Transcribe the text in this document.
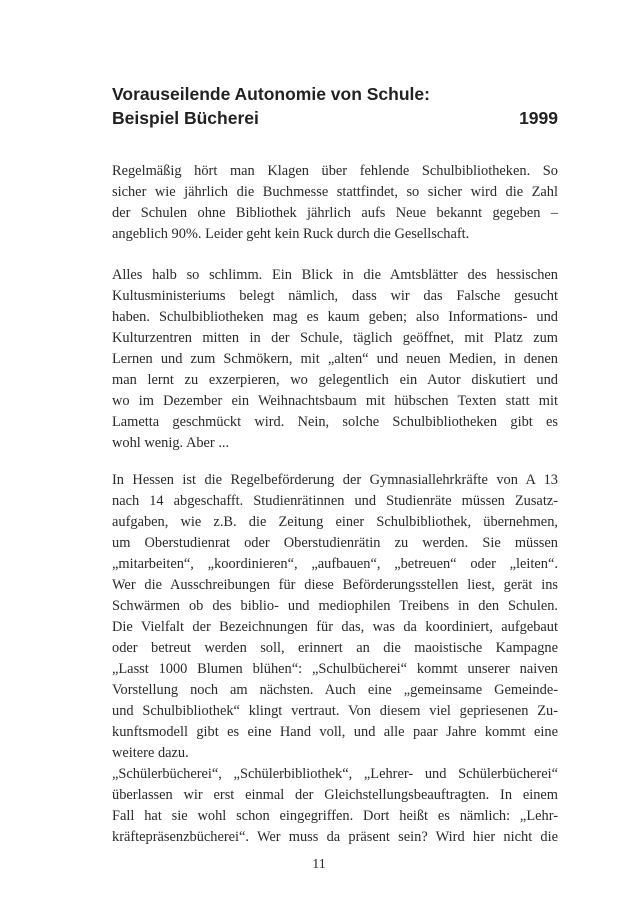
Vorauseilende Autonomie von Schule:
Beispiel Bücherei	1999
Regelmäßig hört man Klagen über fehlende Schulbibliotheken. So
sicher wie jährlich die Buchmesse stattfindet, so sicher wird die Zahl
der Schulen ohne Bibliothek jährlich aufs Neue bekannt gegeben –
angeblich 90%. Leider geht kein Ruck durch die Gesellschaft.
Alles halb so schlimm. Ein Blick in die Amtsblätter des hessischen
Kultusministeriums belegt nämlich, dass wir das Falsche gesucht
haben. Schulbibliotheken mag es kaum geben; also Informations- und
Kulturzentren mitten in der Schule, täglich geöffnet, mit Platz zum
Lernen und zum Schmökern, mit „alten“ und neuen Medien, in denen
man lernt zu exzerpieren, wo gelegentlich ein Autor diskutiert und
wo im Dezember ein Weihnachtsbaum mit hübschen Texten statt mit
Lametta geschmückt wird. Nein, solche Schulbibliotheken gibt es
wohl wenig. Aber ...
In Hessen ist die Regelbeförderung der Gymnasiallehrkräfte von A 13
nach 14 abgeschafft. Studienrätinnen und Studienräte müssen Zusatz-
aufgaben, wie z.B. die Zeitung einer Schulbibliothek, übernehmen,
um Oberstudienrat oder Oberstudienrätin zu werden. Sie müssen
„mitarbeiten“, „koordinieren“, „aufbauen“, „betreuen“ oder „leiten“.
Wer die Ausschreibungen für diese Beförderungsstellen liest, gerät ins
Schwärmen ob des biblio- und mediophilen Treibens in den Schulen.
Die Vielfalt der Bezeichnungen für das, was da koordiniert, aufgebaut
oder betreut werden soll, erinnert an die maoistische Kampagne
„Lasst 1000 Blumen blühen“: „Schulbücherei“ kommt unserer naiven
Vorstellung noch am nächsten. Auch eine „gemeinsame Gemeinde-
und Schulbibliothek“ klingt vertraut. Von diesem viel gepriesenen Zu-
kunftsmodell gibt es eine Hand voll, und alle paar Jahre kommt eine
weitere dazu.
„Schülerbücherei“, „Schülerbibliothek“, „Lehrer- und Schülerbücherei“
überlassen wir erst einmal der Gleichstellungsbeauftragten. In einem
Fall hat sie wohl schon eingegriffen. Dort heißt es nämlich: „Lehr-
kräftepräsenzbücherei“. Wer muss da präsent sein? Wird hier nicht die
11
